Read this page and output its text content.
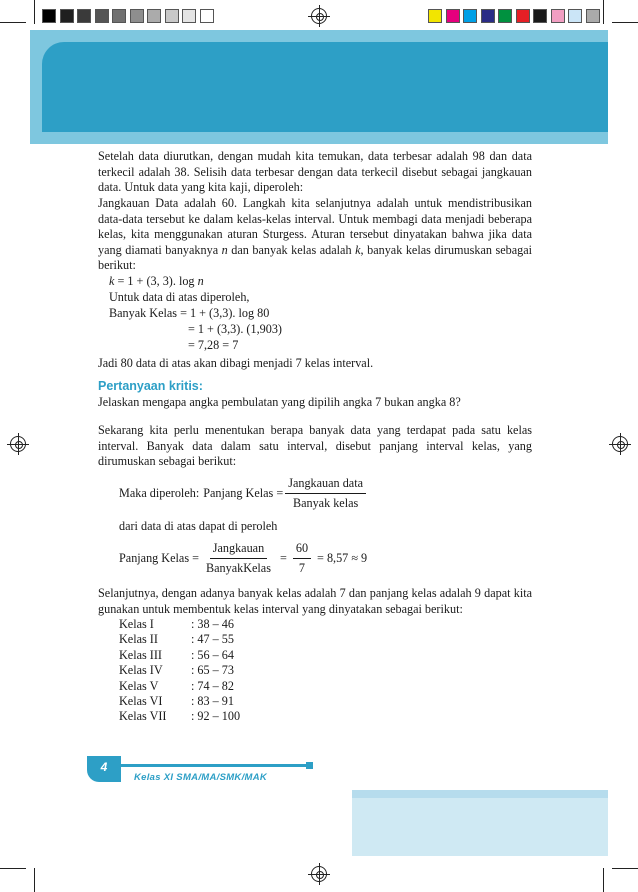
Setelah data diurutkan, dengan mudah kita temukan, data terbesar adalah 98 dan data terkecil adalah 38. Selisih data terbesar dengan data terkecil disebut sebagai jangkauan data. Untuk data yang kita kaji, diperoleh:
Jangkauan Data adalah 60. Langkah kita selanjutnya adalah untuk mendistribusikan data-data tersebut ke dalam kelas-kelas interval. Untuk membagi data menjadi beberapa kelas, kita menggunakan aturan Sturgess. Aturan tersebut dinyatakan bahwa jika data yang diamati banyaknya n dan banyak kelas adalah k, banyak kelas dirumuskan sebagai berikut:
k = 1 + (3, 3). log n
Untuk data di atas diperoleh,
Banyak Kelas = 1 + (3,3). log 80
= 1 + (3,3). (1,903)
= 7,28 = 7
Jadi 80 data di atas akan dibagi menjadi 7 kelas interval.
Pertanyaan kritis:
Jelaskan mengapa angka pembulatan yang dipilih angka 7 bukan angka 8?
Sekarang kita perlu menentukan berapa banyak data yang terdapat pada satu kelas interval. Banyak data dalam satu interval, disebut panjang interval kelas, yang dirumuskan sebagai berikut:
Maka diperoleh: Panjang Kelas = $\frac{\text{Jangkauan data}}{\text{Banyak kelas}}$
dari data di atas dapat di peroleh
Panjang Kelas = $\frac{\text{Jangkauan}}{\text{BanyakKelas}} = \frac{60}{7} = 8,57 \approx 9$
Selanjutnya, dengan adanya banyak kelas adalah 7 dan panjang kelas adalah 9 dapat kita gunakan untuk membentuk kelas interval yang dinyatakan sebagai berikut:
Kelas I	: 38 – 46
Kelas II	: 47 – 55
Kelas III	: 56 – 64
Kelas IV	: 65 – 73
Kelas V	: 74 – 82
Kelas VI	: 83 – 91
Kelas VII	: 92 – 100
4
Kelas XI SMA/MA/SMK/MAK
